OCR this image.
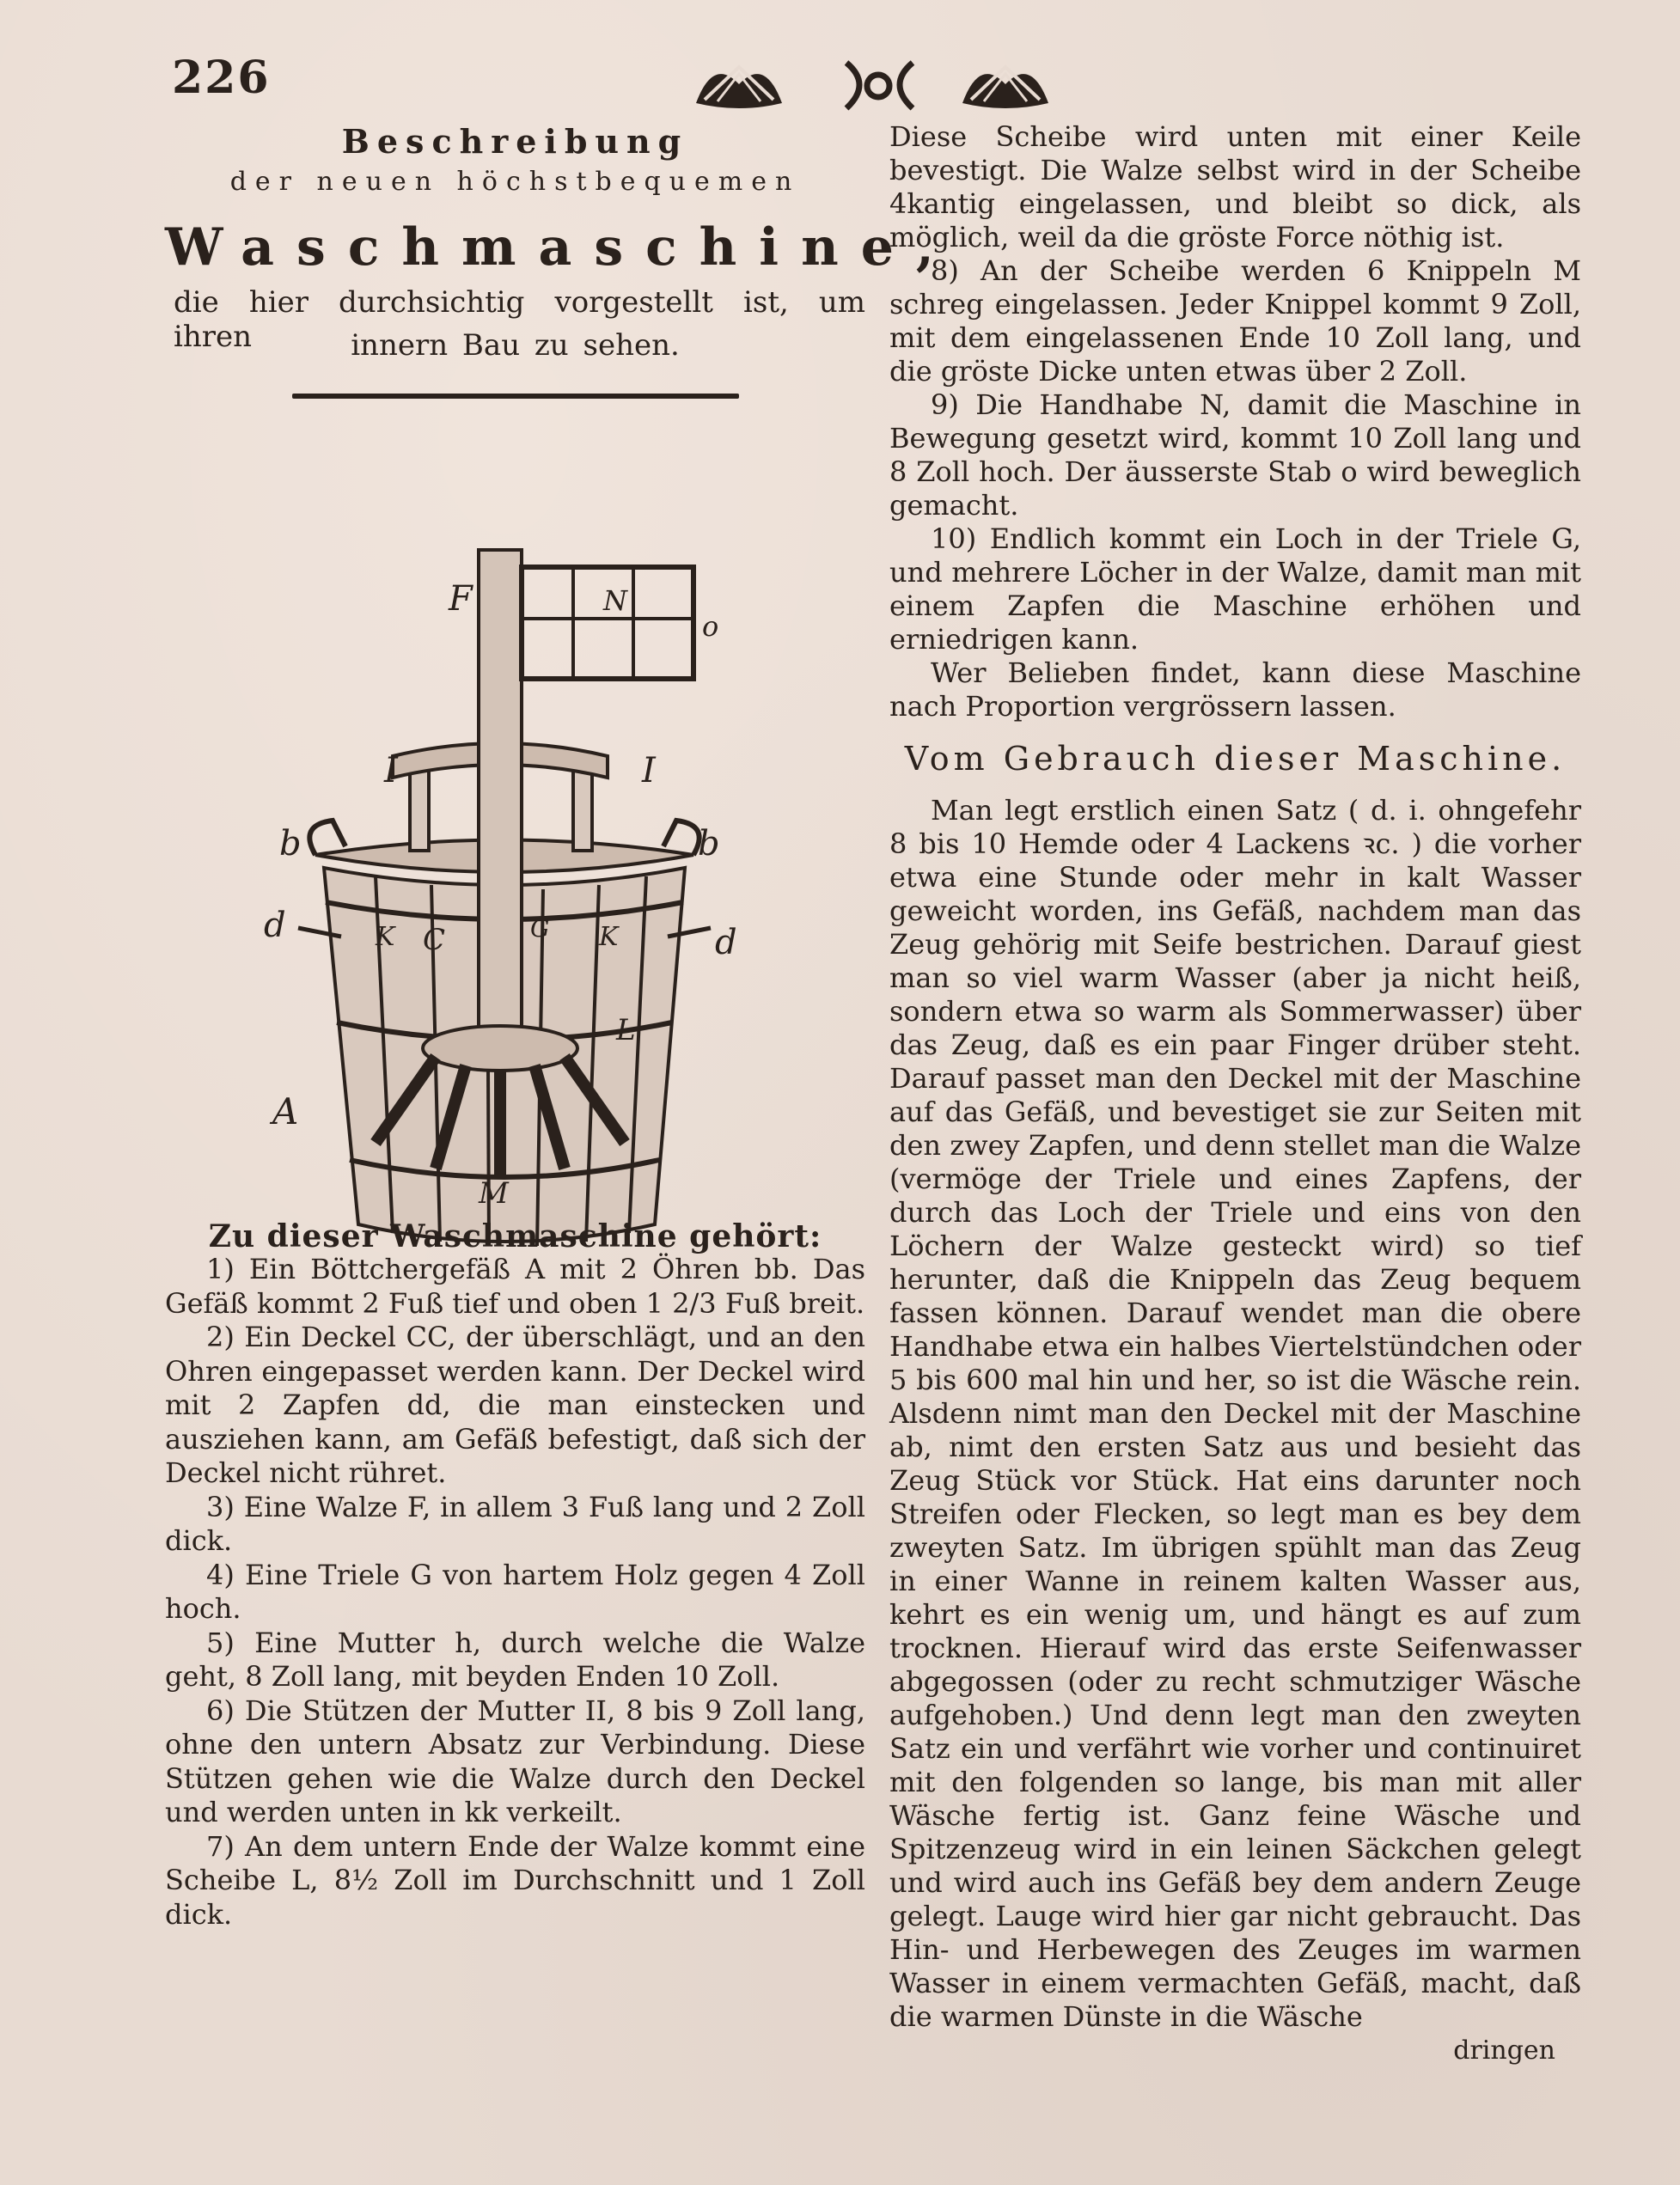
226
Beschreibung
der neuen höchstbequemen
Waschmaschine,
die hier durchsichtig vorgestellt ist, um ihren	innern Bau zu sehen.
F	N
o
I	I
b	b
d	d
K C	G K
L
A
M
Zu dieser Waschmaschine gehört:

1) Ein Böttchergefäß A mit 2 Öhren bb. Das Gefäß kommt 2 Fuß tief und oben 1 2/3 Fuß breit.

2) Ein Deckel CC, der überschlägt, und an den Ohren eingepasset werden kann. Der Deckel wird mit 2 Zapfen dd, die man einstecken und ausziehen kann, am Gefäß befestigt, daß sich der Deckel nicht rühret.

3) Eine Walze F, in allem 3 Fuß lang und 2 Zoll dick.

4) Eine Triele G von hartem Holz gegen 4 Zoll hoch.

5) Eine Mutter h, durch welche die Walze geht, 8 Zoll lang, mit beyden Enden 10 Zoll.

6) Die Stützen der Mutter II, 8 bis 9 Zoll lang, ohne den untern Absatz zur Verbindung. Diese Stützen gehen wie die Walze durch den Deckel und werden unten in kk verkeilt.

7) An dem untern Ende der Walze kommt eine Scheibe L, 8½ Zoll im Durchschnitt und 1 Zoll dick.

Diese Scheibe wird unten mit einer Keile bevestigt. Die Walze selbst wird in der Scheibe 4kantig eingelassen, und bleibt so dick, als möglich, weil da die gröste Force nöthig ist.

8) An der Scheibe werden 6 Knippeln M schreg eingelassen. Jeder Knippel kommt 9 Zoll, mit dem eingelassenen Ende 10 Zoll lang, und die gröste Dicke unten etwas über 2 Zoll.

9) Die Handhabe N, damit die Maschine in Bewegung gesetzt wird, kommt 10 Zoll lang und 8 Zoll hoch. Der äusserste Stab o wird beweglich gemacht.

10) Endlich kommt ein Loch in der Triele G, und mehrere Löcher in der Walze, damit man mit einem Zapfen die Maschine erhöhen und erniedrigen kann.

Wer Belieben findet, kann diese Maschine nach Proportion vergrössern lassen.

Vom Gebrauch dieser Maschine.

Man legt erstlich einen Satz ( d. i. ohngefehr 8 bis 10 Hemde oder 4 Lackens ꝛc. ) die vorher etwa eine Stunde oder mehr in kalt Wasser geweicht worden, ins Gefäß, nachdem man das Zeug gehörig mit Seife bestrichen. Darauf giest man so viel warm Wasser (aber ja nicht heiß, sondern etwa so warm als Sommerwasser) über das Zeug, daß es ein paar Finger drüber steht. Darauf passet man den Deckel mit der Maschine auf das Gefäß, und bevestiget sie zur Seiten mit den zwey Zapfen, und denn stellet man die Walze (vermöge der Triele und eines Zapfens, der durch das Loch der Triele und eins von den Löchern der Walze gesteckt wird) so tief herunter, daß die Knippeln das Zeug bequem fassen können. Darauf wendet man die obere Handhabe etwa ein halbes Viertelstündchen oder 5 bis 600 mal hin und her, so ist die Wäsche rein. Alsdenn nimt man den Deckel mit der Maschine ab, nimt den ersten Satz aus und besieht das Zeug Stück vor Stück. Hat eins darunter noch Streifen oder Flecken, so legt man es bey dem zweyten Satz. Im übrigen spühlt man das Zeug in einer Wanne in reinem kalten Wasser aus, kehrt es ein wenig um, und hängt es auf zum trocknen. Hierauf wird das erste Seifenwasser abgegossen (oder zu recht schmutziger Wäsche aufgehoben.) Und denn legt man den zweyten Satz ein und verfährt wie vorher und continuiret mit den folgenden so lange, bis man mit aller Wäsche fertig ist. Ganz feine Wäsche und Spitzenzeug wird in ein leinen Säckchen gelegt und wird auch ins Gefäß bey dem andern Zeuge gelegt. Lauge wird hier gar nicht gebraucht. Das Hin- und Herbewegen des Zeuges im warmen Wasser in einem vermachten Gefäß, macht, daß die warmen Dünste in die Wäsche

dringen
